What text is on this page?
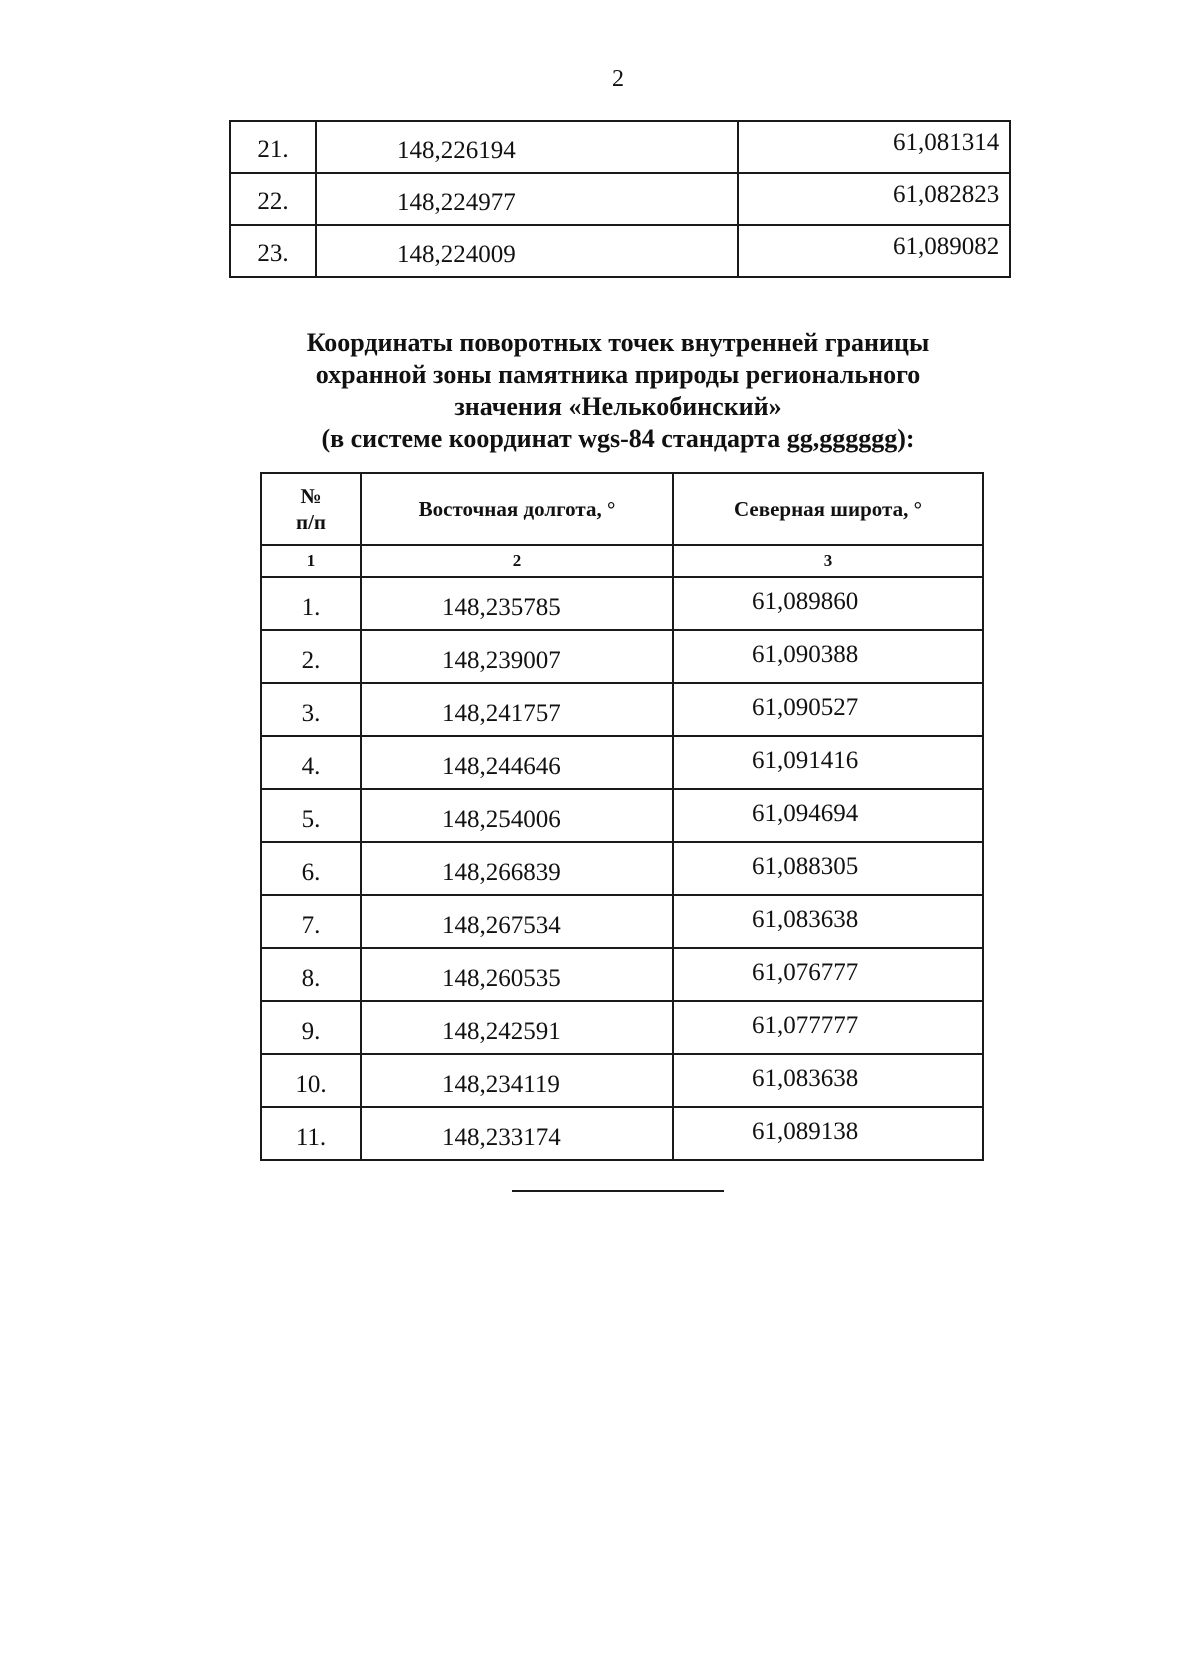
2
21.	148,226194	61,081314
22.	148,224977	61,082823
23.	148,224009	61,089082
Координаты поворотных точек внутренней границы
охранной зоны памятника природы регионального
значения «Нелькобинский»
(в системе координат wgs-84 стандарта gg,gggggg):
№
п/п	Восточная долгота, °	Северная широта, °
1	2	3
1.	148,235785	61,089860
2.	148,239007	61,090388
3.	148,241757	61,090527
4.	148,244646	61,091416
5.	148,254006	61,094694
6.	148,266839	61,088305
7.	148,267534	61,083638
8.	148,260535	61,076777
9.	148,242591	61,077777
10.	148,234119	61,083638
11.	148,233174	61,089138
